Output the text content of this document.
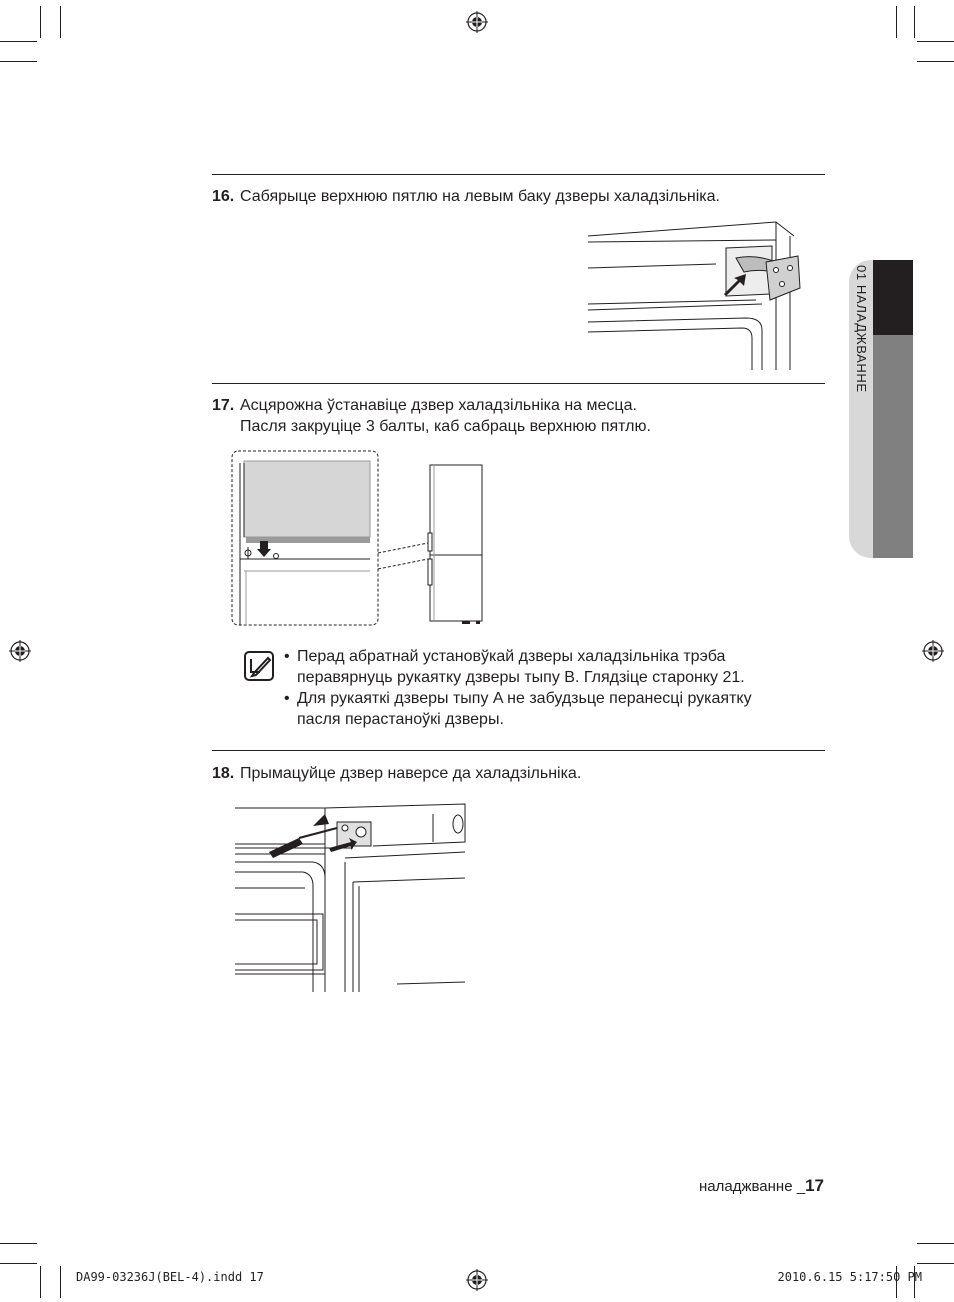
01 НАЛАДЖВАННЕ
16. Сабярыце верхнюю пятлю на левым баку дзверы халадзільніка.
17. Асцярожна ўстанавіце дзвер халадзільніка на месца.
Пасля закруціце 3 балты, каб сабраць верхнюю пятлю.
• Перад абратнай установўкай дзверы халадзільніка трэба
перавярнуць рукаятку дзверы тыпу B. Глядзіце старонку 21.
• Для рукаяткі дзверы тыпу A не забудзьце перанесці рукаятку
пасля перастаноўкі дзверы.
18. Прымацуйце дзвер наверсе да халадзільніка.
наладжванне _17
DA99-03236J(BEL-4).indd 17	2010.6.15 5:17:50 PM
